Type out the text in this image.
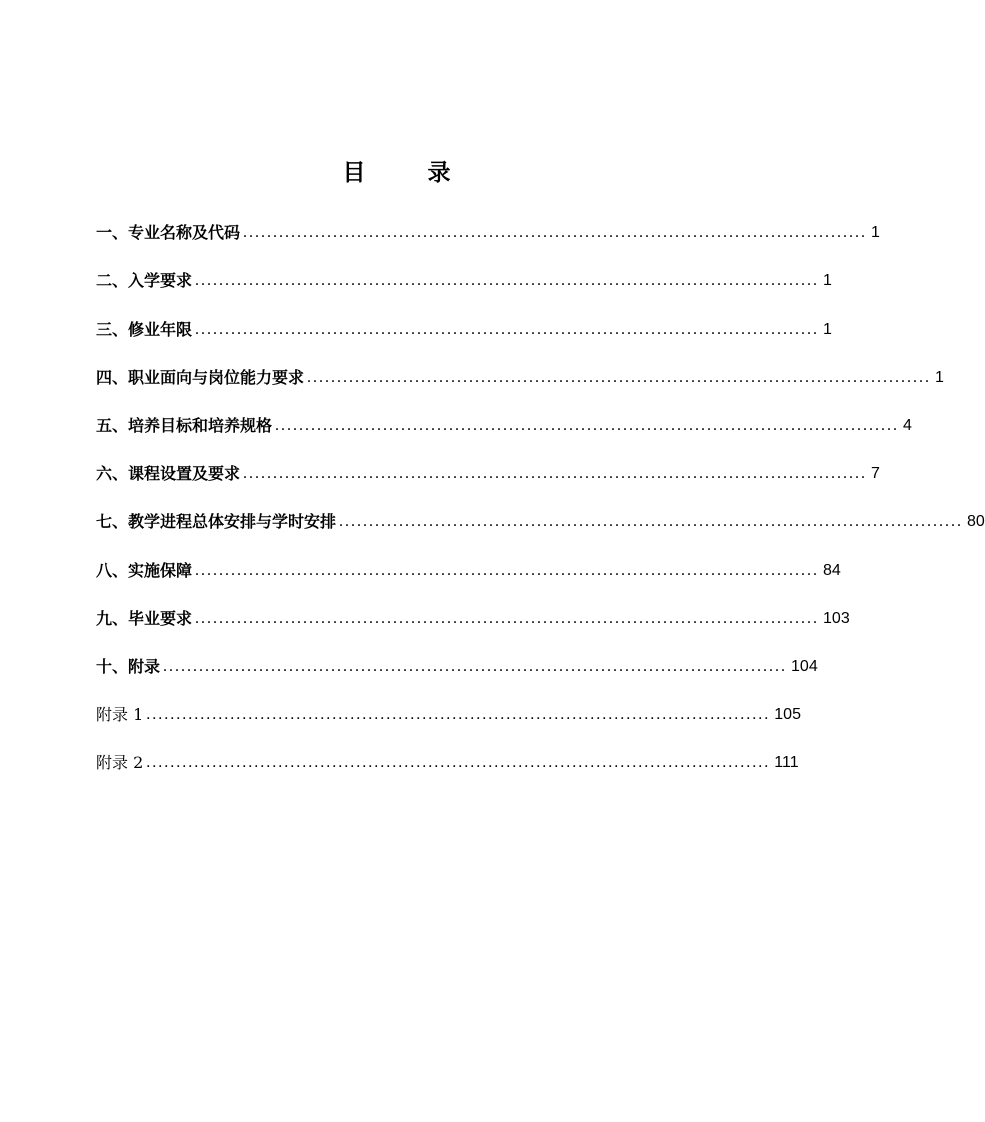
目录
一、专业名称及代码 ........................................................................................................ 1
二、入学要求 ........................................................................................................ 1
三、修业年限 ........................................................................................................ 1
四、职业面向与岗位能力要求 ........................................................................................................ 1
五、培养目标和培养规格 ........................................................................................................ 4
六、课程设置及要求 ........................................................................................................ 7
七、教学进程总体安排与学时安排 ........................................................................................................ 80
八、实施保障 ........................................................................................................ 84
九、毕业要求 ........................................................................................................ 103
十、附录 ........................................................................................................ 104
附录 1 ........................................................................................................ 105
附录 2 ........................................................................................................ 111
